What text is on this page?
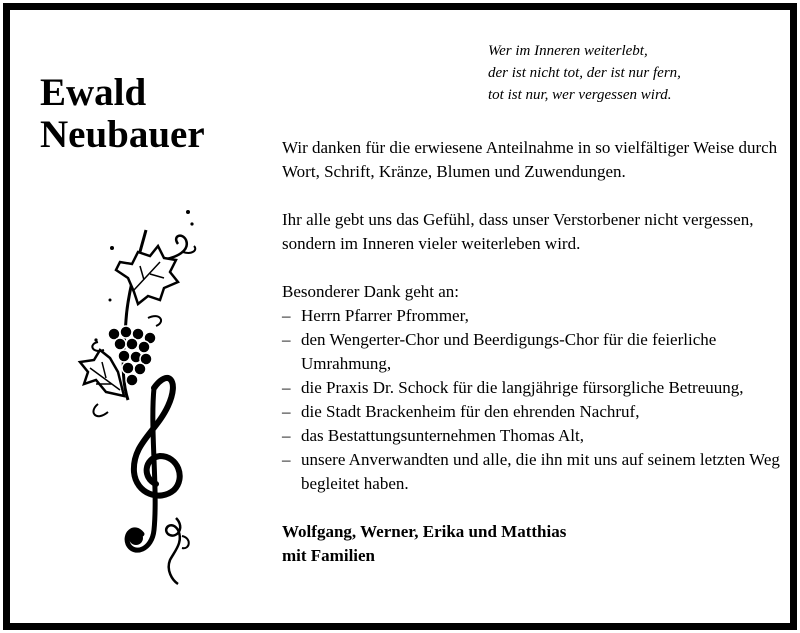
Wer im Inneren weiterlebt,
der ist nicht tot, der ist nur fern,
tot ist nur, wer vergessen wird.
Ewald
Neubauer	Wir danken für die erwiesene Anteilnahme in so vielfältiger Weise durch Wort, Schrift, Kränze, Blumen und Zuwendungen.

Ihr alle gebt uns das Gefühl, dass unser Verstorbener nicht vergessen, sondern im Inneren vieler weiterleben wird.

Besonderer Dank geht an:

– Herrn Pfarrer Pfrommer,
– den Wengerter-Chor und Beerdigungs-Chor für die feierliche Umrahmung,
– die Praxis Dr. Schock für die langjährige fürsorgliche Betreuung,
– die Stadt Brackenheim für den ehrenden Nachruf,
– das Bestattungsunternehmen Thomas Alt,
– unsere Anverwandten und alle, die ihn mit uns auf seinem letzten Weg begleitet haben.
Wolfgang, Werner, Erika und Matthias
mit Familien
